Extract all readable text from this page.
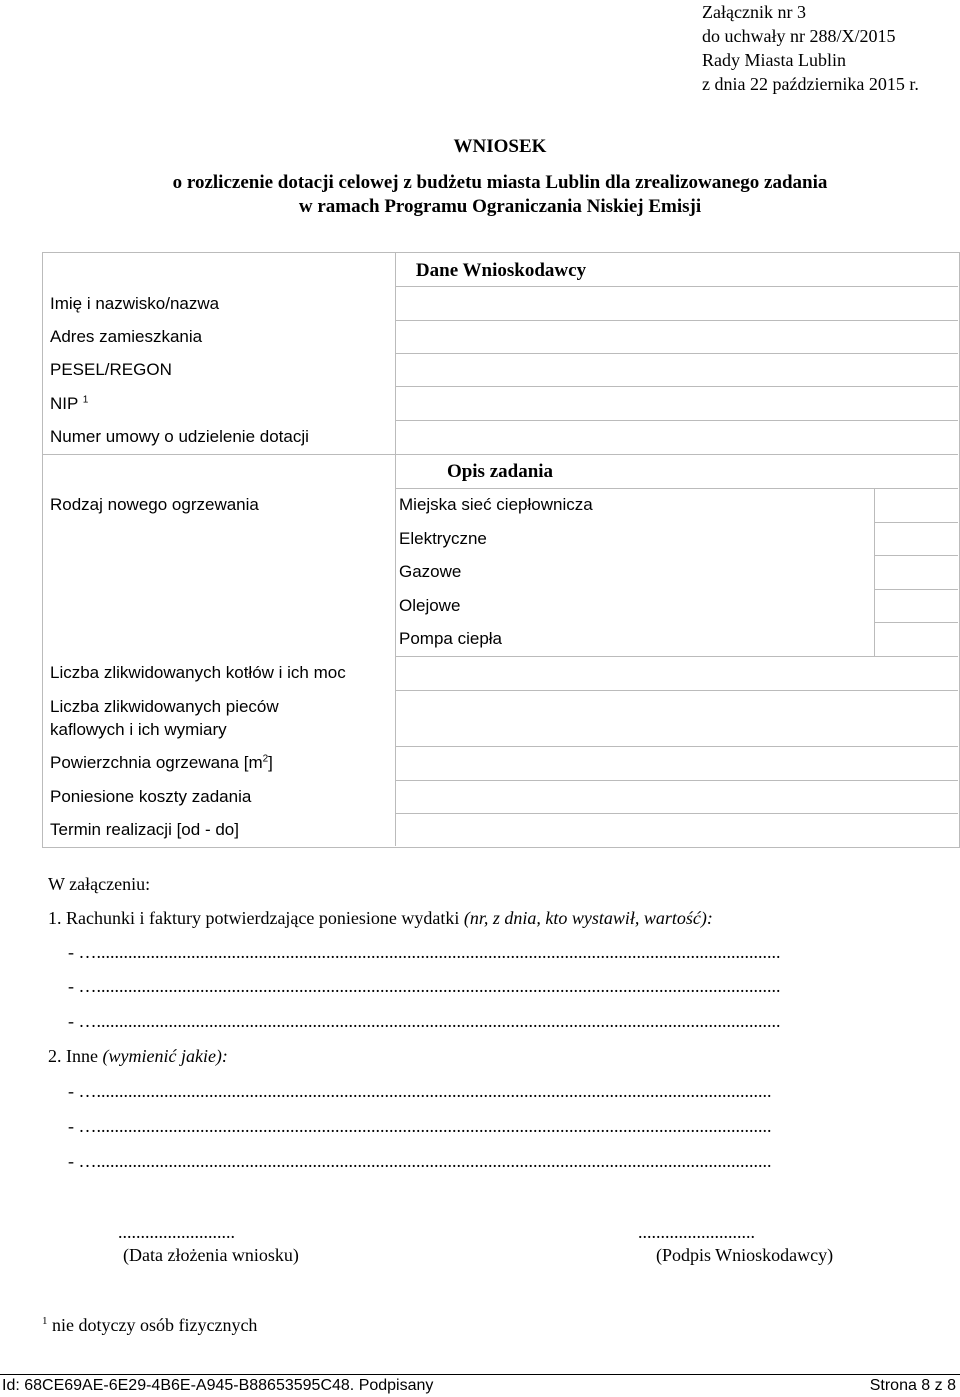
Załącznik nr 3
do uchwały nr 288/X/2015
Rady Miasta Lublin
z dnia 22 października 2015 r.
WNIOSEK
o rozliczenie dotacji celowej z budżetu miasta Lublin dla zrealizowanego zadania
w ramach Programu Ograniczania Niskiej Emisji
Dane Wnioskodawcy
Imię i nazwisko/nazwa
Adres zamieszkania
PESEL/REGON
NIP $^1$
Numer umowy o udzielenie dotacji
Opis zadania
Rodzaj nowego ogrzewania	Miejska sieć ciepłownicza
Elektryczne
Gazowe
Olejowe
Pompa ciepła
Liczba zlikwidowanych kotłów i ich moc
Liczba zlikwidowanych pieców
kaflowych i ich wymiary
Powierzchnia ogrzewana $[m^2]$
Poniesione koszty zadania
Termin realizacji [od - do]
W załączeniu:
1. Rachunki i faktury potwierdzające poniesione wydatki (nr, z dnia, kto wystawił, wartość):
- …........................................................................................................................................................
- …........................................................................................................................................................
- …........................................................................................................................................................
2. Inne (wymienić jakie):
- …......................................................................................................................................................
- …......................................................................................................................................................
- …......................................................................................................................................................
..........................
(Data złożenia wniosku)
..........................
(Podpis Wnioskodawcy)
$^1$ nie dotyczy osób fizycznych
Id: 68CE69AE-6E29-4B6E-A945-B88653595C48. Podpisany	Strona 8 z 8
